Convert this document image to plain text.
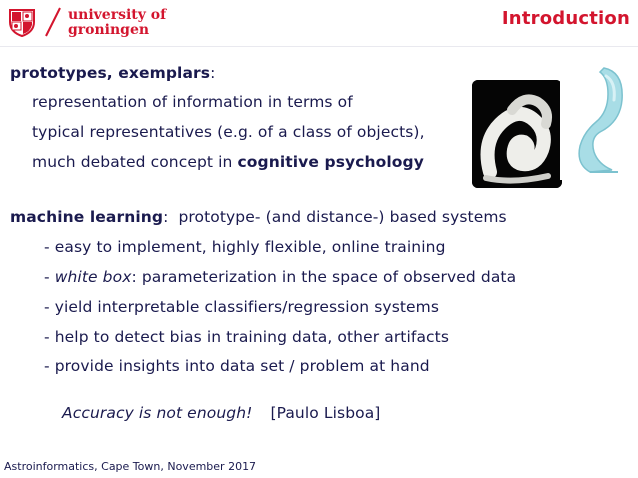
university of
groningen
Introduction
prototypes, exemplars:
representation of information in terms of
typical representatives (e.g. of a class of objects),
much debated concept in cognitive psychology
machine learning: prototype- (and distance-) based systems
- easy to implement, highly flexible, online training
- white box: parameterization in the space of observed data
- yield interpretable classifiers/regression systems
- help to detect bias in training data, other artifacts
- provide insights into data set / problem at hand
Accuracy is not enough! [Paulo Lisboa]
Astroinformatics, Cape Town, November 2017
